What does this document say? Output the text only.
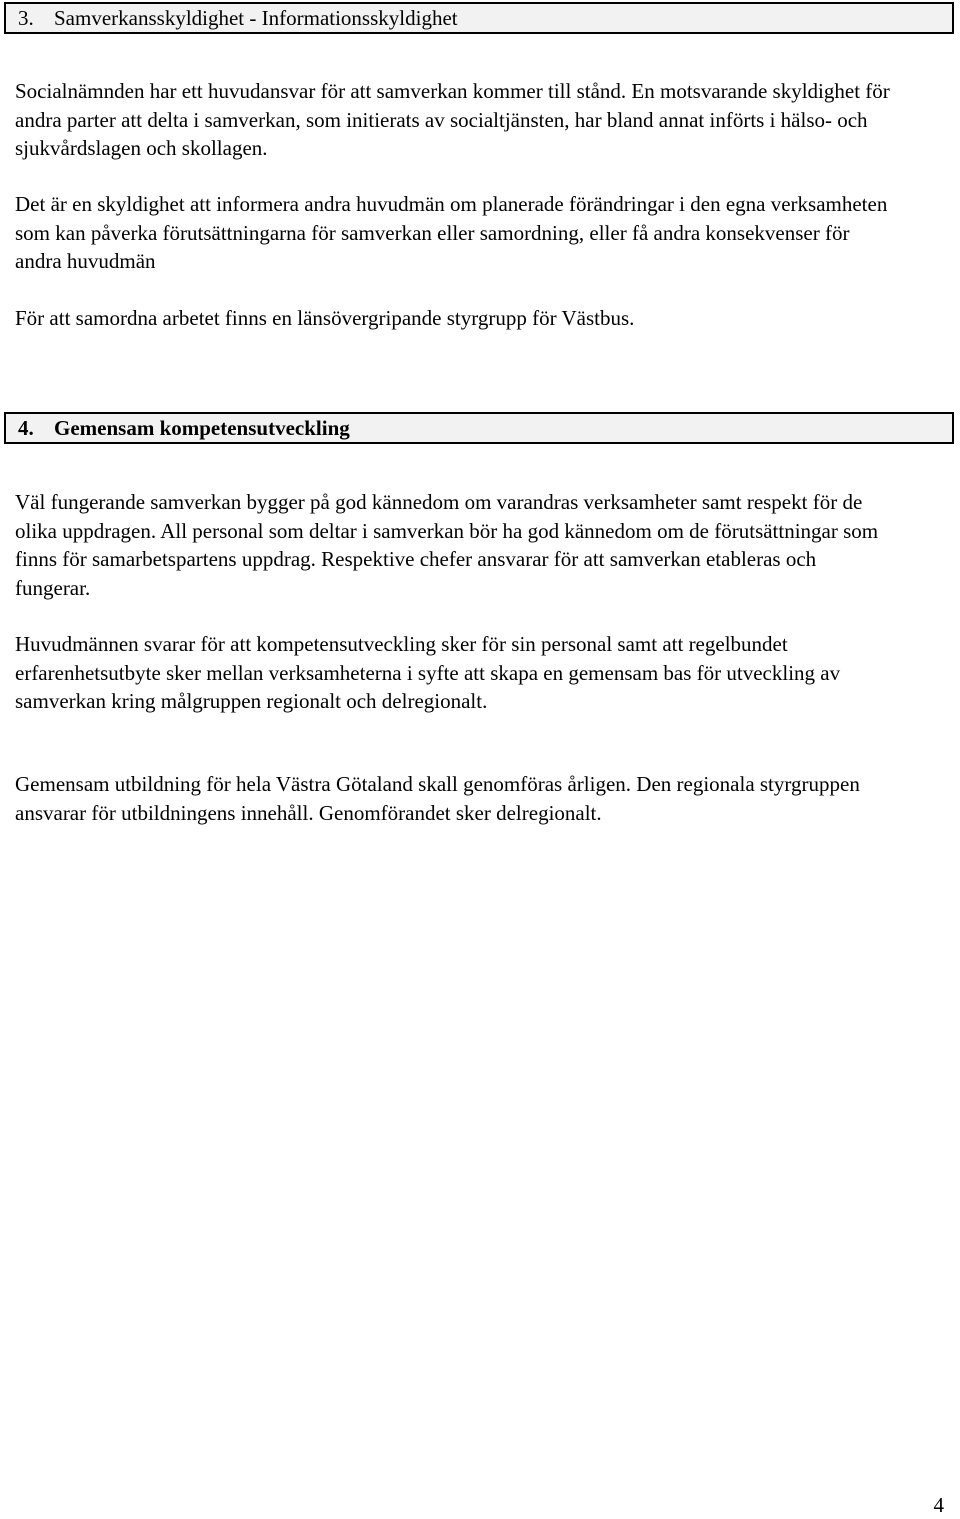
3. Samverkansskyldighet - Informationsskyldighet

Socialnämnden har ett huvudansvar för att samverkan kommer till stånd. En motsvarande skyldighet för andra parter att delta i samverkan, som initierats av socialtjänsten, har bland annat införts i hälso- och sjukvårdslagen och skollagen.

Det är en skyldighet att informera andra huvudmän om planerade förändringar i den egna verksamheten som kan påverka förutsättningarna för samverkan eller samordning, eller få andra konsekvenser för andra huvudmän

För att samordna arbetet finns en länsövergripande styrgrupp för Västbus.

4. Gemensam kompetensutveckling

Väl fungerande samverkan bygger på god kännedom om varandras verksamheter samt respekt för de olika uppdragen. All personal som deltar i samverkan bör ha god kännedom om de förutsättningar som finns för samarbetspartens uppdrag. Respektive chefer ansvarar för att samverkan etableras och fungerar.

Huvudmännen svarar för att kompetensutveckling sker för sin personal samt att regelbundet erfarenhetsutbyte sker mellan verksamheterna i syfte att skapa en gemensam bas för utveckling av samverkan kring målgruppen regionalt och delregionalt.

Gemensam utbildning för hela Västra Götaland skall genomföras årligen. Den regionala styrgruppen ansvarar för utbildningens innehåll. Genomförandet sker delregionalt.

4
